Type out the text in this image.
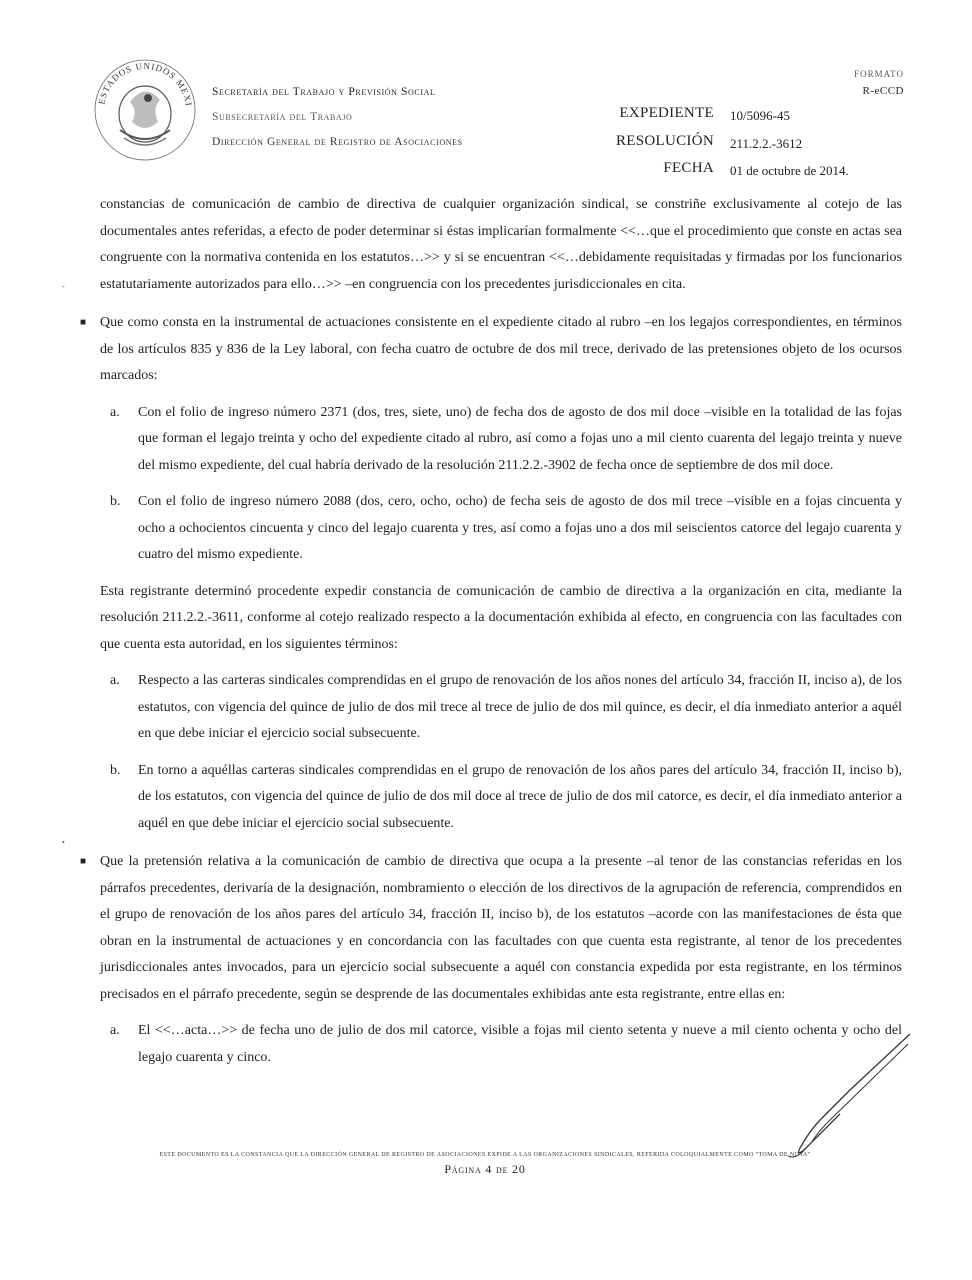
ESTADOS UNIDOS MEXI
Secretaría del Trabajo y Previsión Social
Subsecretaría del Trabajo
Dirección General de Registro de Asociaciones
FORMATO
R-eCCD
EXPEDIENTE 10/5096-45
RESOLUCIÓN 211.2.2.-3612
FECHA 01 de octubre de 2014.

constancias de comunicación de cambio de directiva de cualquier organización sindical, se constriñe exclusivamente al cotejo de las documentales antes referidas, a efecto de poder determinar si éstas implicarían formalmente <<…que el procedimiento que conste en actas sea congruente con la normativa contenida en los estatutos…>> y si se encuentran <<…debidamente requisitadas y firmadas por los funcionarios estatutariamente autorizados para ello…>> –en congruencia con los precedentes jurisdiccionales en cita.

■ Que como consta en la instrumental de actuaciones consistente en el expediente citado al rubro –en los legajos correspondientes, en términos de los artículos 835 y 836 de la Ley laboral, con fecha cuatro de octubre de dos mil trece, derivado de las pretensiones objeto de los ocursos marcados:

a. Con el folio de ingreso número 2371 (dos, tres, siete, uno) de fecha dos de agosto de dos mil doce –visible en la totalidad de las fojas que forman el legajo treinta y ocho del expediente citado al rubro, así como a fojas uno a mil ciento cuarenta del legajo treinta y nueve del mismo expediente, del cual habría derivado de la resolución 211.2.2.-3902 de fecha once de septiembre de dos mil doce.

b. Con el folio de ingreso número 2088 (dos, cero, ocho, ocho) de fecha seis de agosto de dos mil trece –visible en a fojas cincuenta y ocho a ochocientos cincuenta y cinco del legajo cuarenta y tres, así como a fojas uno a dos mil seiscientos catorce del legajo cuarenta y cuatro del mismo expediente.

Esta registrante determinó procedente expedir constancia de comunicación de cambio de directiva a la organización en cita, mediante la resolución 211.2.2.-3611, conforme al cotejo realizado respecto a la documentación exhibida al efecto, en congruencia con las facultades con que cuenta esta autoridad, en los siguientes términos:

a. Respecto a las carteras sindicales comprendidas en el grupo de renovación de los años nones del artículo 34, fracción II, inciso a), de los estatutos, con vigencia del quince de julio de dos mil trece al trece de julio de dos mil quince, es decir, el día inmediato anterior a aquél en que debe iniciar el ejercicio social subsecuente.

b. En torno a aquéllas carteras sindicales comprendidas en el grupo de renovación de los años pares del artículo 34, fracción II, inciso b), de los estatutos, con vigencia del quince de julio de dos mil doce al trece de julio de dos mil catorce, es decir, el día inmediato anterior a aquél en que debe iniciar el ejercicio social subsecuente.

■ Que la pretensión relativa a la comunicación de cambio de directiva que ocupa a la presente –al tenor de las constancias referidas en los párrafos precedentes, derivaría de la designación, nombramiento o elección de los directivos de la agrupación de referencia, comprendidos en el grupo de renovación de los años pares del artículo 34, fracción II, inciso b), de los estatutos –acorde con las manifestaciones de ésta que obran en la instrumental de actuaciones y en concordancia con las facultades con que cuenta esta registrante, al tenor de los precedentes jurisdiccionales antes invocados, para un ejercicio social subsecuente a aquél con constancia expedida por esta registrante, en los términos precisados en el párrafo precedente, según se desprende de las documentales exhibidas ante esta registrante, entre ellas en:

a. El <<…acta…>> de fecha uno de julio de dos mil catorce, visible a fojas mil ciento setenta y nueve a mil ciento ochenta y ocho del legajo cuarenta y cinco.

-
•
ESTE DOCUMENTO ES LA CONSTANCIA QUE LA DIRECCIÓN GENERAL DE REGISTRO DE ASOCIACIONES EXPIDE A LAS ORGANIZACIONES SINDICALES, REFERIDA COLOQUIALMENTE COMO "TOMA DE NOTA"
Página 4 de 20
